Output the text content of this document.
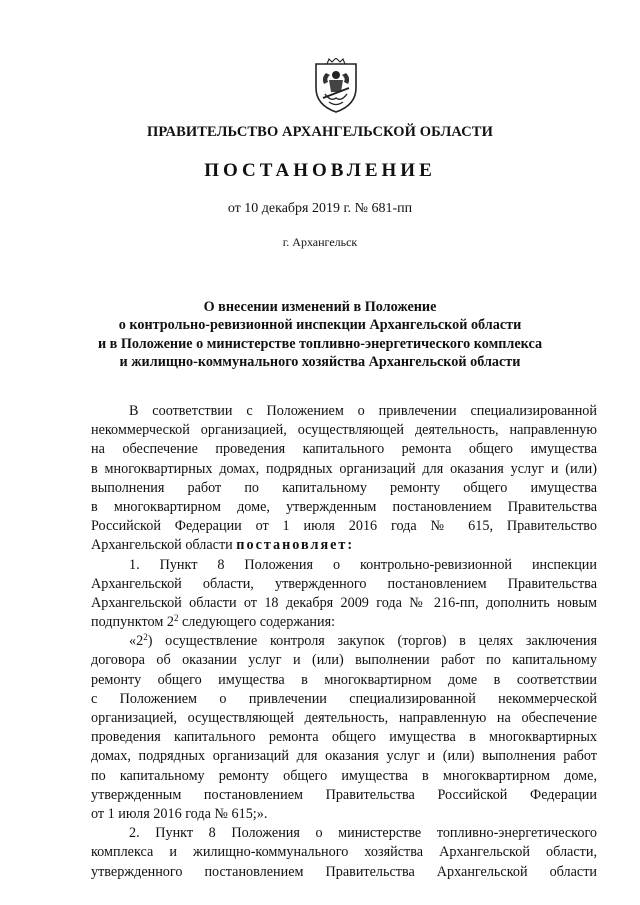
ПРАВИТЕЛЬСТВО АРХАНГЕЛЬСКОЙ ОБЛАСТИ
ПОСТАНОВЛЕНИЕ
от 10 декабря 2019 г. № 681-пп
г. Архангельск
О внесении изменений в Положение
о контрольно-ревизионной инспекции Архангельской области
и в Положение о министерстве топливно-энергетического комплекса
и жилищно-коммунального хозяйства Архангельской области
В соответствии с Положением о привлечении специализированной
некоммерческой организацией, осуществляющей деятельность, направленную
на обеспечение проведения капитального ремонта общего имущества
в многоквартирных домах, подрядных организаций для оказания услуг и (или)
выполнения работ по капитальному ремонту общего имущества
в многоквартирном доме, утвержденным постановлением Правительства
Российской Федерации от 1 июля 2016 года № 615, Правительство
Архангельской области постановляет:
1. Пункт 8 Положения о контрольно-ревизионной инспекции
Архангельской области, утвержденного постановлением Правительства
Архангельской области от 18 декабря 2009 года № 216-пп, дополнить новым
подпунктом $2^2$ следующего содержания:
«$2^2$) осуществление контроля закупок (торгов) в целях заключения
договора об оказании услуг и (или) выполнении работ по капитальному
ремонту общего имущества в многоквартирном доме в соответствии
с Положением о привлечении специализированной некоммерческой
организацией, осуществляющей деятельность, направленную на обеспечение
проведения капитального ремонта общего имущества в многоквартирных
домах, подрядных организаций для оказания услуг и (или) выполнения работ
по капитальному ремонту общего имущества в многоквартирном доме,
утвержденным постановлением Правительства Российской Федерации
от 1 июля 2016 года № 615;».
2. Пункт 8 Положения о министерстве топливно-энергетического
комплекса и жилищно-коммунального хозяйства Архангельской области,
утвержденного постановлением Правительства Архангельской области
